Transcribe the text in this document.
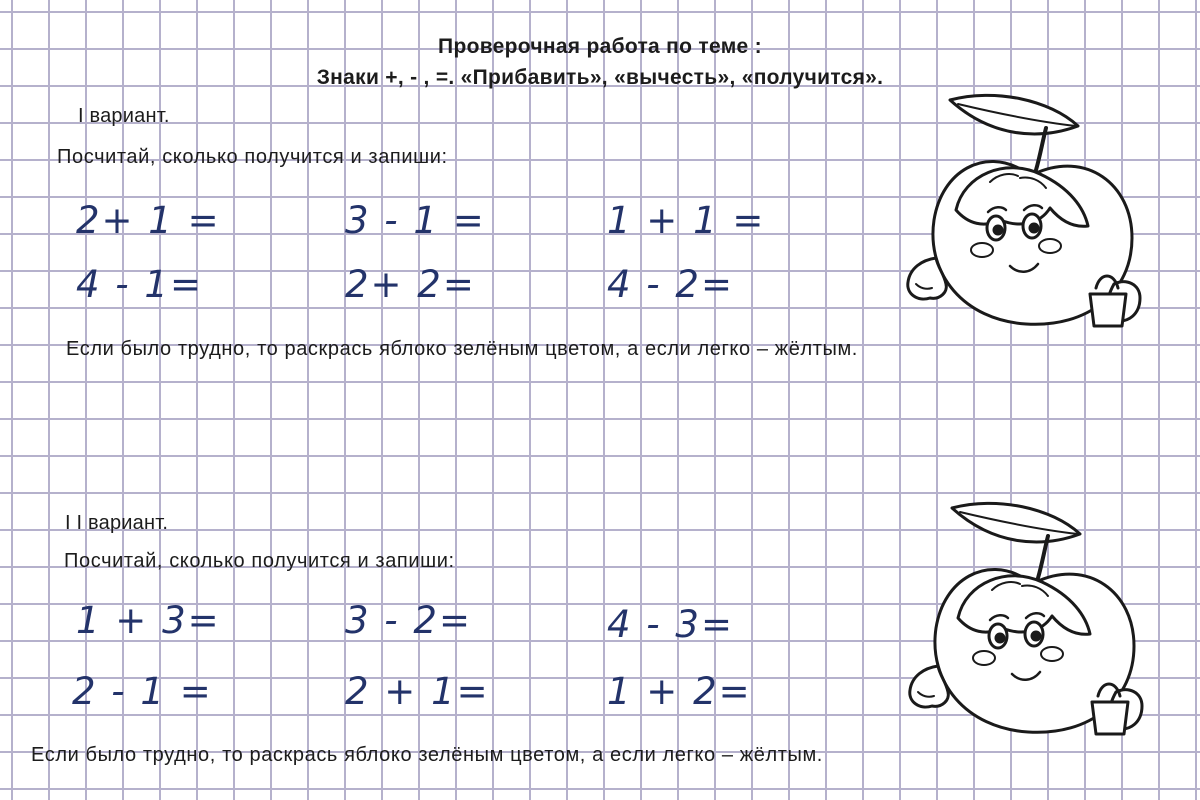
Проверочная работа по теме :
Знаки +, - , =. «Прибавить», «вычесть», «получится».
I вариант.
Посчитай, сколько получится и запиши:
2+ 1 =	3 - 1 =	1 + 1 =
4 - 1=	2+ 2=	4 - 2=
Если было трудно, то раскрась яблоко зелёным цветом, а если легко – жёлтым.
I I вариант.
Посчитай, сколько получится и запиши:
1 + 3=	3 - 2=	4 - 3=
2 - 1 =	2 + 1=	1 + 2=
Если было трудно, то раскрась яблоко зелёным цветом, а если легко – жёлтым.
